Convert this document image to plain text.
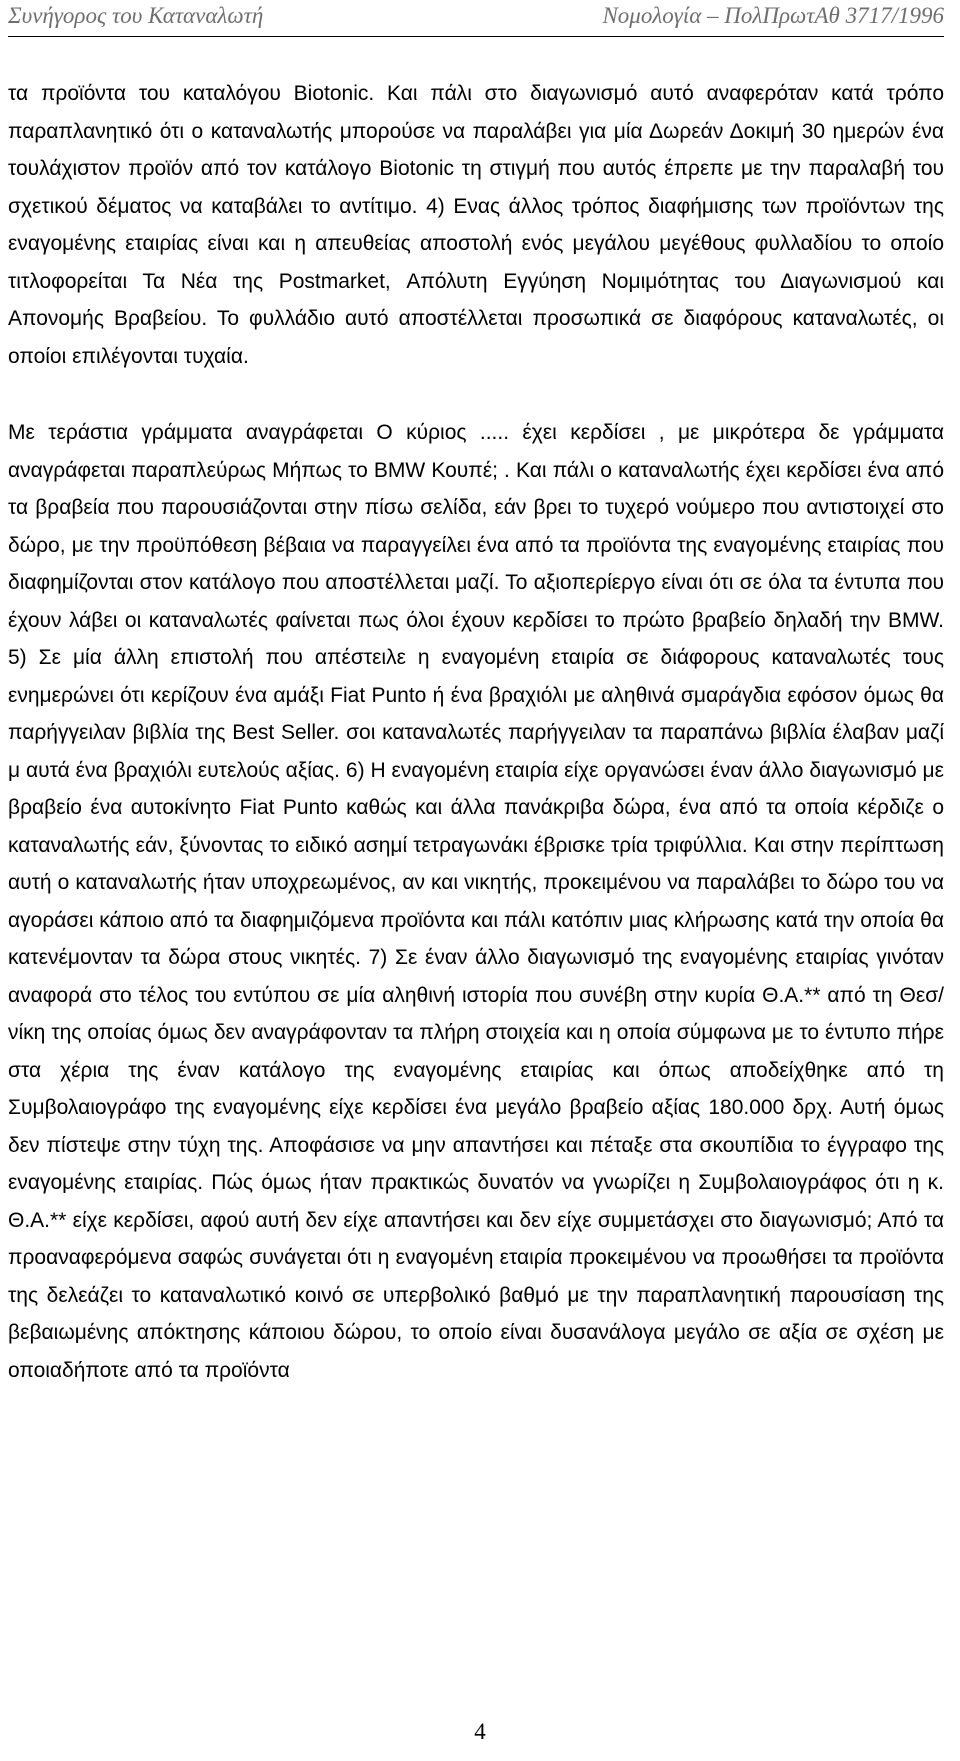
Συνήγορος του Καταναλωτή	Νομολογία – ΠολΠρωτΑθ 3717/1996

τα προϊόντα του καταλόγου Biotonic. Και πάλι στο διαγωνισμό αυτό αναφερόταν κατά τρόπο παραπλανητικό ότι ο καταναλωτής μπορούσε να παραλάβει για μία Δωρεάν Δοκιμή 30 ημερών ένα τουλάχιστον προϊόν από τον κατάλογο Biotonic τη στιγμή που αυτός έπρεπε με την παραλαβή του σχετικού δέματος να καταβάλει το αντίτιμο. 4) Ενας άλλος τρόπος διαφήμισης των προϊόντων της εναγομένης εταιρίας είναι και η απευθείας αποστολή ενός μεγάλου μεγέθους φυλλαδίου το οποίο τιτλοφορείται Τα Νέα της Postmarket, Απόλυτη Εγγύηση Νομιμότητας του Διαγωνισμού και Απονομής Βραβείου. Το φυλλάδιο αυτό αποστέλλεται προσωπικά σε διαφόρους καταναλωτές, οι οποίοι επιλέγονται τυχαία.

Με τεράστια γράμματα αναγράφεται Ο κύριος ..... έχει κερδίσει , με μικρότερα δε γράμματα αναγράφεται παραπλεύρως Μήπως το BMW Κουπέ; . Και πάλι ο καταναλωτής έχει κερδίσει ένα από τα βραβεία που παρουσιάζονται στην πίσω σελίδα, εάν βρει το τυχερό νούμερο που αντιστοιχεί στο δώρο, με την προϋπόθεση βέβαια να παραγγείλει ένα από τα προϊόντα της εναγομένης εταιρίας που διαφημίζονται στον κατάλογο που αποστέλλεται μαζί. Το αξιοπερίεργο είναι ότι σε όλα τα έντυπα που έχουν λάβει οι καταναλωτές φαίνεται πως όλοι έχουν κερδίσει το πρώτο βραβείο δηλαδή την BMW. 5) Σε μία άλλη επιστολή που απέστειλε η εναγομένη εταιρία σε διάφορους καταναλωτές τους ενημερώνει ότι κερίζουν ένα αμάξι Fiat Punto ή ένα βραχιόλι με αληθινά σμαράγδια εφόσον όμως θα παρήγγειλαν βιβλία της Best Seller. σοι καταναλωτές παρήγγειλαν τα παραπάνω βιβλία έλαβαν μαζί μ αυτά ένα βραχιόλι ευτελούς αξίας. 6) Η εναγομένη εταιρία είχε οργανώσει έναν άλλο διαγωνισμό με βραβείο ένα αυτοκίνητο Fiat Punto καθώς και άλλα πανάκριβα δώρα, ένα από τα οποία κέρδιζε ο καταναλωτής εάν, ξύνοντας το ειδικό ασημί τετραγωνάκι έβρισκε τρία τριφύλλια. Και στην περίπτωση αυτή ο καταναλωτής ήταν υποχρεωμένος, αν και νικητής, προκειμένου να παραλάβει το δώρο του να αγοράσει κάποιο από τα διαφημιζόμενα προϊόντα και πάλι κατόπιν μιας κλήρωσης κατά την οποία θα κατενέμονταν τα δώρα στους νικητές. 7) Σε έναν άλλο διαγωνισμό της εναγομένης εταιρίας γινόταν αναφορά στο τέλος του εντύπου σε μία αληθινή ιστορία που συνέβη στην κυρία Θ.Α.** από τη Θεσ/νίκη της οποίας όμως δεν αναγράφονταν τα πλήρη στοιχεία και η οποία σύμφωνα με το έντυπο πήρε στα χέρια της έναν κατάλογο της εναγομένης εταιρίας και όπως αποδείχθηκε από τη Συμβολαιογράφο της εναγομένης είχε κερδίσει ένα μεγάλο βραβείο αξίας 180.000 δρχ. Αυτή όμως δεν πίστεψε στην τύχη της. Αποφάσισε να μην απαντήσει και πέταξε στα σκουπίδια το έγγραφο της εναγομένης εταιρίας. Πώς όμως ήταν πρακτικώς δυνατόν να γνωρίζει η Συμβολαιογράφος ότι η κ. Θ.Α.** είχε κερδίσει, αφού αυτή δεν είχε απαντήσει και δεν είχε συμμετάσχει στο διαγωνισμό; Από τα προαναφερόμενα σαφώς συνάγεται ότι η εναγομένη εταιρία προκειμένου να προωθήσει τα προϊόντα της δελεάζει το καταναλωτικό κοινό σε υπερβολικό βαθμό με την παραπλανητική παρουσίαση της βεβαιωμένης απόκτησης κάποιου δώρου, το οποίο είναι δυσανάλογα μεγάλο σε αξία σε σχέση με οποιαδήποτε από τα προϊόντα

4
